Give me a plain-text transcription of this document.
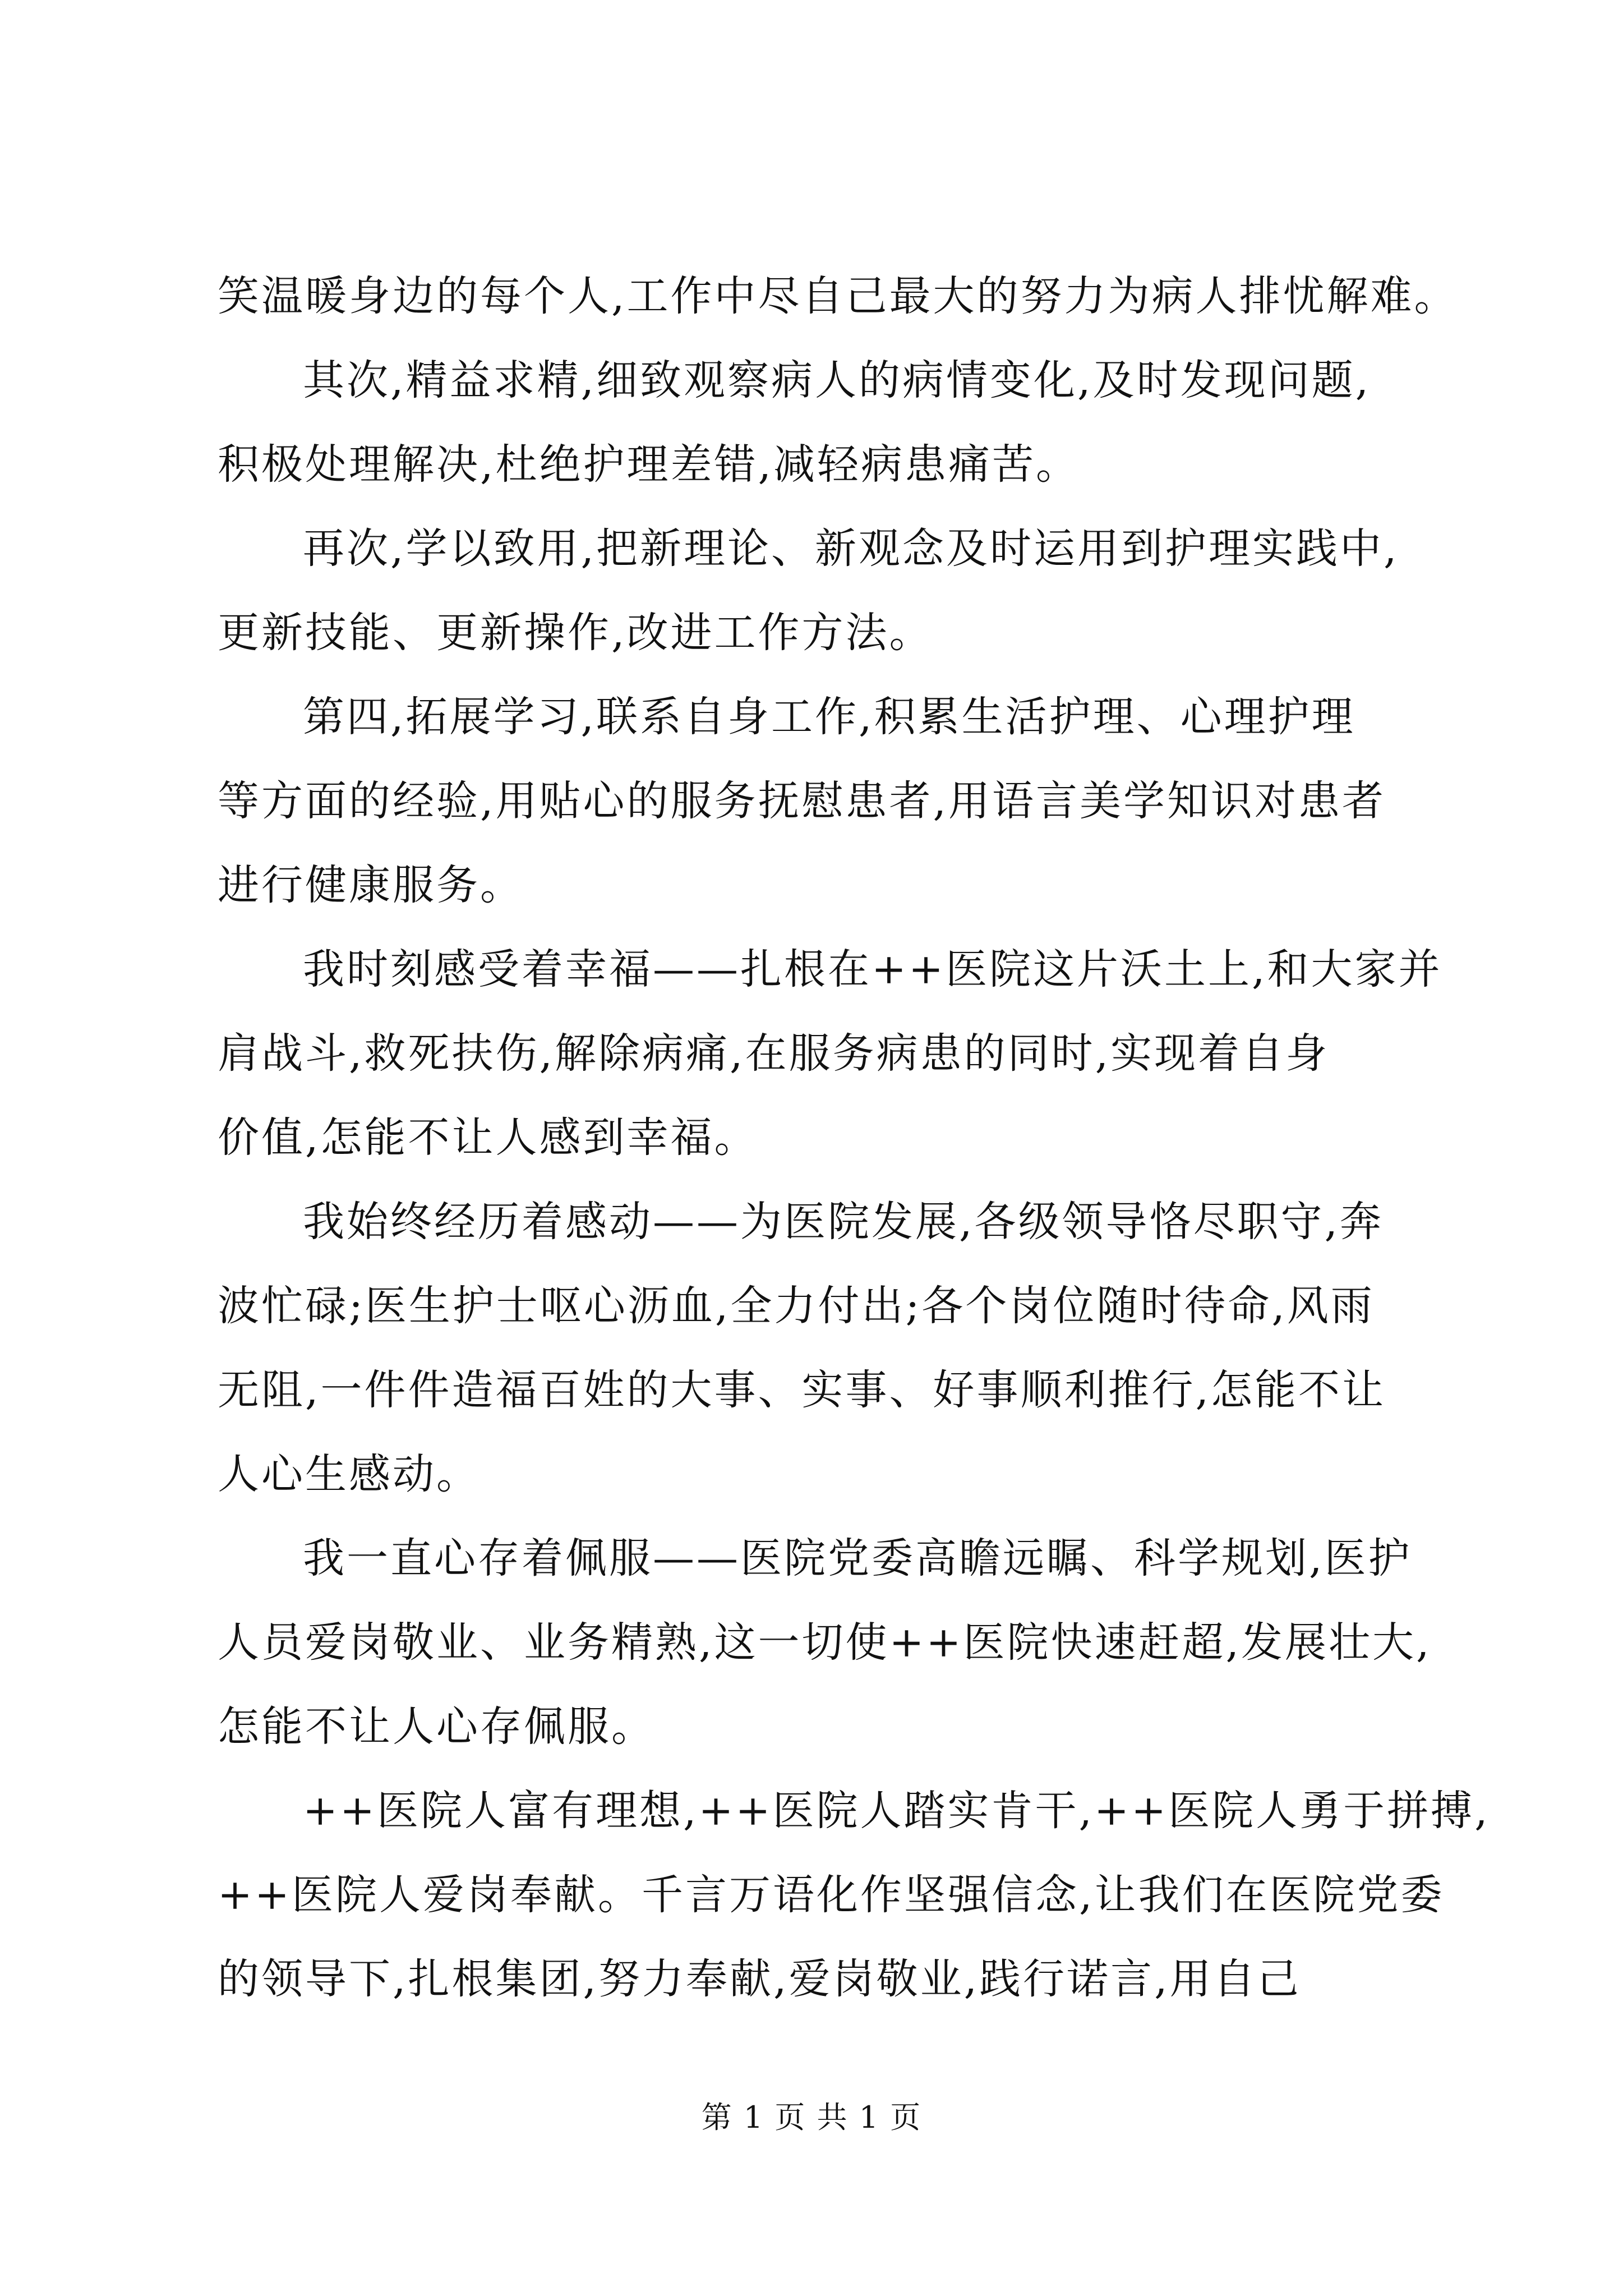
笑温暖身边的每个人,工作中尽自己最大的努力为病人排忧解难。
其次,精益求精,细致观察病人的病情变化,及时发现问题,
积极处理解决,杜绝护理差错,减轻病患痛苦。
再次,学以致用,把新理论、新观念及时运用到护理实践中,
更新技能、更新操作,改进工作方法。
第四,拓展学习,联系自身工作,积累生活护理、心理护理
等方面的经验,用贴心的服务抚慰患者,用语言美学知识对患者
进行健康服务。
我时刻感受着幸福——扎根在++医院这片沃土上,和大家并
肩战斗,救死扶伤,解除病痛,在服务病患的同时,实现着自身
价值,怎能不让人感到幸福。
我始终经历着感动——为医院发展,各级领导恪尽职守,奔
波忙碌;医生护士呕心沥血,全力付出;各个岗位随时待命,风雨
无阻,一件件造福百姓的大事、实事、好事顺利推行,怎能不让
人心生感动。
我一直心存着佩服——医院党委高瞻远瞩、科学规划,医护
人员爱岗敬业、业务精熟,这一切使++医院快速赶超,发展壮大,
怎能不让人心存佩服。
++医院人富有理想,++医院人踏实肯干,++医院人勇于拼搏,
++医院人爱岗奉献。千言万语化作坚强信念,让我们在医院党委
的领导下,扎根集团,努力奉献,爱岗敬业,践行诺言,用自己
第 1 页 共 1 页
